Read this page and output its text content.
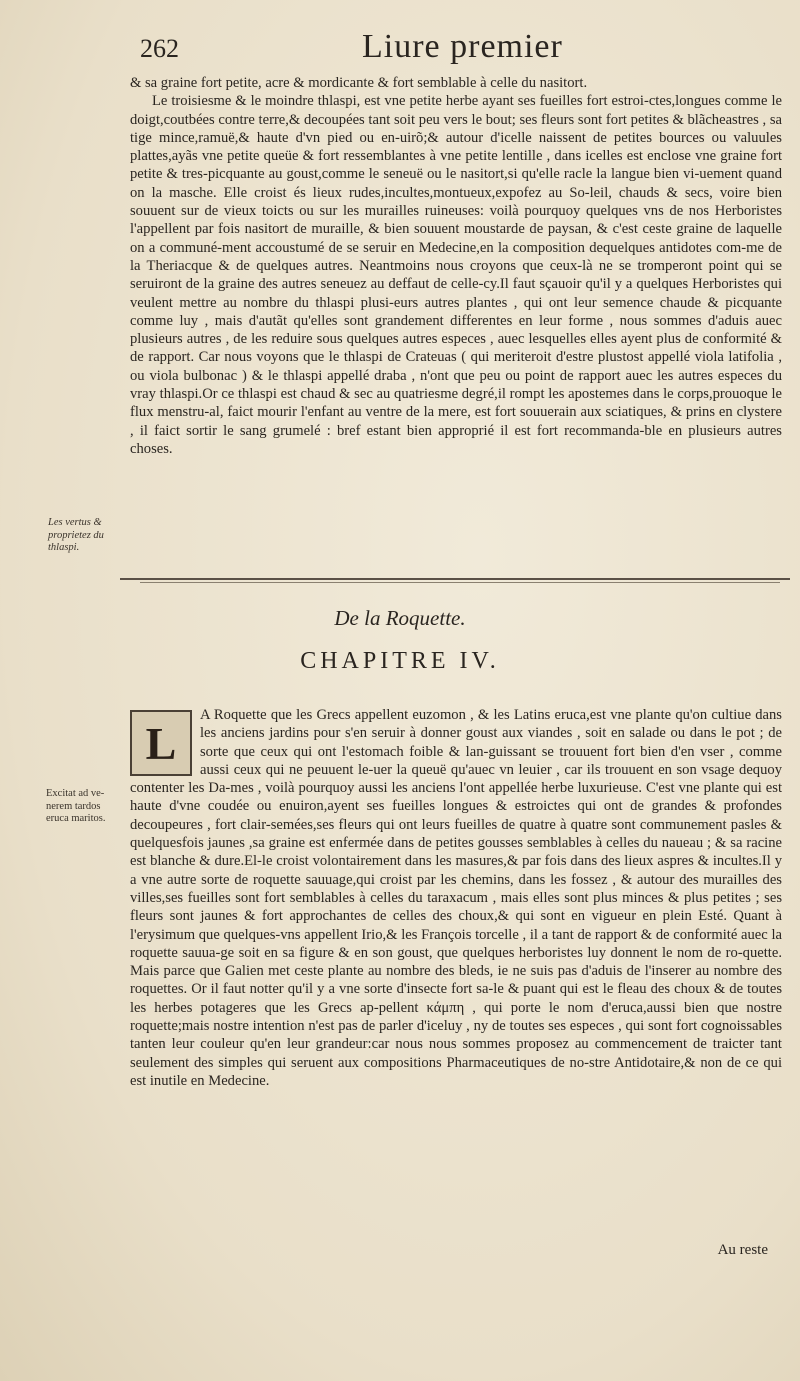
262	Liure premier

& sa graine fort petite, acre & mordicante & fort semblable à celle du nasitort.

Le troisiesme & le moindre thlaspi, est vne petite herbe ayant ses fueilles fort estroi-ctes,longues comme le doigt,coutbées contre terre,& decoupées tant soit peu vers le bout; ses fleurs sont fort petites & blãcheastres , sa tige mince,ramuë,& haute d'vn pied ou en-uirõ;& autour d'icelle naissent de petites bources ou valuules plattes,ayãs vne petite queüe & fort ressemblantes à vne petite lentille , dans icelles est enclose vne graine fort petite & tres-picquante au goust,comme le seneuë ou le nasitort,si qu'elle racle la langue bien vi-uement quand on la masche. Elle croist és lieux rudes,incultes,montueux,expofez au So-leil, chauds & secs, voire bien souuent sur de vieux toicts ou sur les murailles ruineuses: voilà pourquoy quelques vns de nos Herboristes l'appellent par fois nasitort de muraille, & bien souuent moustarde de paysan, & c'est ceste graine de laquelle on a communé-ment accoustumé de se seruir en Medecine,en la composition dequelques antidotes com-me de la Theriacque & de quelques autres. Neantmoins nous croyons que ceux-là ne se tromperont point qui se seruiront de la graine des autres seneuez au deffaut de celle-cy.Il faut sçauoir qu'il y a quelques Herboristes qui veulent mettre au nombre du thlaspi plusi-eurs autres plantes , qui ont leur semence chaude & picquante comme luy , mais d'autãt qu'elles sont grandement differentes en leur forme , nous sommes d'aduis auec plusieurs autres , de les reduire sous quelques autres especes , auec lesquelles elles ayent plus de conformité & de rapport. Car nous voyons que le thlaspi de Crateuas ( qui meriteroit d'estre plustost appellé viola latifolia , ou viola bulbonac ) & le thlaspi appellé draba , n'ont que peu ou point de rapport auec les autres especes du vray thlaspi.Or ce thlaspi est chaud & sec au quatriesme degré,il rompt les apostemes dans le corps,prouoque le flux menstru-al, faict mourir l'enfant au ventre de la mere, est fort souuerain aux sciatiques, & prins en clystere , il faict sortir le sang grumelé : bref estant bien approprié il est fort recommanda-ble en plusieurs autres choses.

Les vertus & proprietez du thlaspi.
De la Roquette.
CHAPITRE IV.
Excitat ad ve-nerem tardos eruca maritos.
L

A Roquette que les Grecs appellent euzomon , & les Latins eruca,est vne plante qu'on cultiue dans les anciens jardins pour s'en seruir à donner goust aux viandes , soit en salade ou dans le pot ; de sorte que ceux qui ont l'estomach foible & lan-guissant se trouuent fort bien d'en vser , comme aussi ceux qui ne peuuent le-uer la queuë qu'auec vn leuier , car ils trouuent en son vsage dequoy contenter les Da-mes , voilà pourquoy aussi les anciens l'ont appellée herbe luxurieuse. C'est vne plante qui est haute d'vne coudée ou enuiron,ayent ses fueilles longues & estroictes qui ont de grandes & profondes decoupeures , fort clair-semées,ses fleurs qui ont leurs fueilles de quatre à quatre sont communement pasles & quelquesfois jaunes ,sa graine est enfermée dans de petites gousses semblables à celles du naueau ; & sa racine est blanche & dure.El-le croist volontairement dans les masures,& par fois dans des lieux aspres & incultes.Il y a vne autre sorte de roquette sauuage,qui croist par les chemins, dans les fossez , & autour des murailles des villes,ses fueilles sont fort semblables à celles du taraxacum , mais elles sont plus minces & plus petites ; ses fleurs sont jaunes & fort approchantes de celles des choux,& qui sont en vigueur en plein Esté. Quant à l'erysimum que quelques-vns appellent Irio,& les François torcelle , il a tant de rapport & de conformité auec la roquette sauua-ge soit en sa figure & en son goust, que quelques herboristes luy donnent le nom de ro-quette. Mais parce que Galien met ceste plante au nombre des bleds, ie ne suis pas d'aduis de l'inserer au nombre des roquettes. Or il faut notter qu'il y a vne sorte d'insecte fort sa-le & puant qui est le fleau des choux & de toutes les herbes potageres que les Grecs ap-pellent κάμπη , qui porte le nom d'eruca,aussi bien que nostre roquette;mais nostre intention n'est pas de parler d'iceluy , ny de toutes ses especes , qui sont fort cognoissables tanten leur couleur qu'en leur grandeur:car nous nous sommes proposez au commencement de traicter tant seulement des simples qui seruent aux compositions Pharmaceutiques de no-stre Antidotaire,& non de ce qui est inutile en Medecine.

Au reste
